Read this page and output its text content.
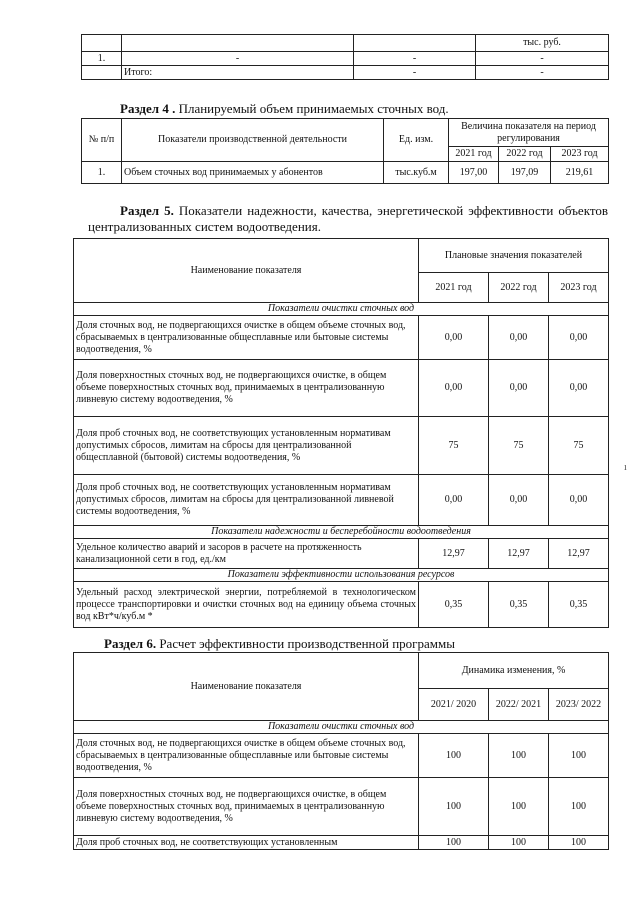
			тыс. руб.
1.	-	-	-
	Итого:	-	-
Раздел 4 . Планируемый объем принимаемых сточных вод.
№ п/п	Показатели производственной деятельности	Ед. изм.	Величина показателя на период регулирования		
			2021 год	2022 год	2023 год
1.	Объем сточных вод принимаемых у абонентов	тыс.куб.м	197,00	197,09	219,61
Раздел 5. Показатели надежности, качества, энергетической эффективности объектов централизованных систем водоотведения.
Наименование показателя	Плановые значения показателей		
	2021 год	2022 год	2023 год
Показатели очистки сточных вод			
Доля сточных вод, не подвергающихся очистке в общем объеме сточных вод, сбрасываемых в централизованные общесплавные или бытовые системы водоотведения, %	0,00	0,00	0,00
Доля поверхностных сточных вод, не подвергающихся очистке, в общем объеме поверхностных сточных вод, принимаемых в централизованную ливневую систему водоотведения, %	0,00	0,00	0,00
Доля проб сточных вод, не соответствующих установленным нормативам допустимых сбросов, лимитам на сбросы для централизованной общесплавной (бытовой) системы водоотведения, %	75	75	75
Доля проб сточных вод, не соответствующих установленным нормативам допустимых сбросов, лимитам на сбросы для централизованной ливневой системы водоотведения, %	0,00	0,00	0,00
Показатели надежности и бесперебойности водоотведения			
Удельное количество аварий и засоров в расчете на протяженность канализационной сети в год, ед./км	12,97	12,97	12,97
Показатели эффективности использования ресурсов			
Удельный расход электрической энергии, потребляемой в технологическом процессе транспортировки и очистки сточных вод на единицу объема сточных вод кВт*ч/куб.м *	0,35	0,35	0,35
ı
Раздел 6. Расчет эффективности производственной программы
Наименование показателя	Динамика изменения, %		
	2021/ 2020	2022/ 2021	2023/ 2022
Показатели очистки сточных вод			
Доля сточных вод, не подвергающихся очистке в общем объеме сточных вод, сбрасываемых в централизованные общесплавные или бытовые системы водоотведения, %	100	100	100
Доля поверхностных сточных вод, не подвергающихся очистке, в общем объеме поверхностных сточных вод, принимаемых в централизованную ливневую систему водоотведения, %	100	100	100
Доля проб сточных вод, не соответствующих установленным	100	100	100
